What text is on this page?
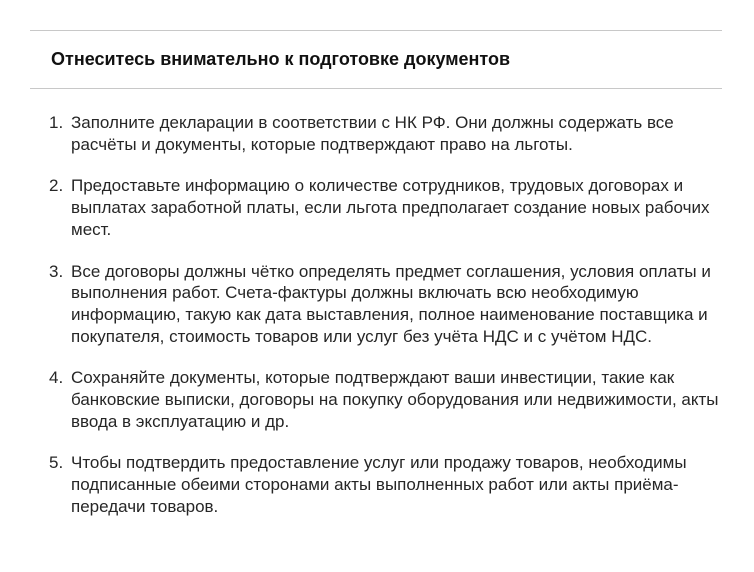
Отнеситесь внимательно к подготовке документов
1. Заполните декларации в соответствии с НК РФ. Они должны содержать все расчёты и документы, которые подтверждают право на льготы.
2. Предоставьте информацию о количестве сотрудников, трудовых договорах и выплатах заработной платы, если льгота предполагает создание новых рабочих мест.
3. Все договоры должны чётко определять предмет соглашения, условия оплаты и выполнения работ. Счета-фактуры должны включать всю необходимую информацию, такую как дата выставления, полное наименование поставщика и покупателя, стоимость товаров или услуг без учёта НДС и с учётом НДС.
4. Сохраняйте документы, которые подтверждают ваши инвестиции, такие как банковские выписки, договоры на покупку оборудования или недвижимости, акты ввода в эксплуатацию и др.
5. Чтобы подтвердить предоставление услуг или продажу товаров, необходимы подписанные обеими сторонами акты выполненных работ или акты приёма-передачи товаров.
